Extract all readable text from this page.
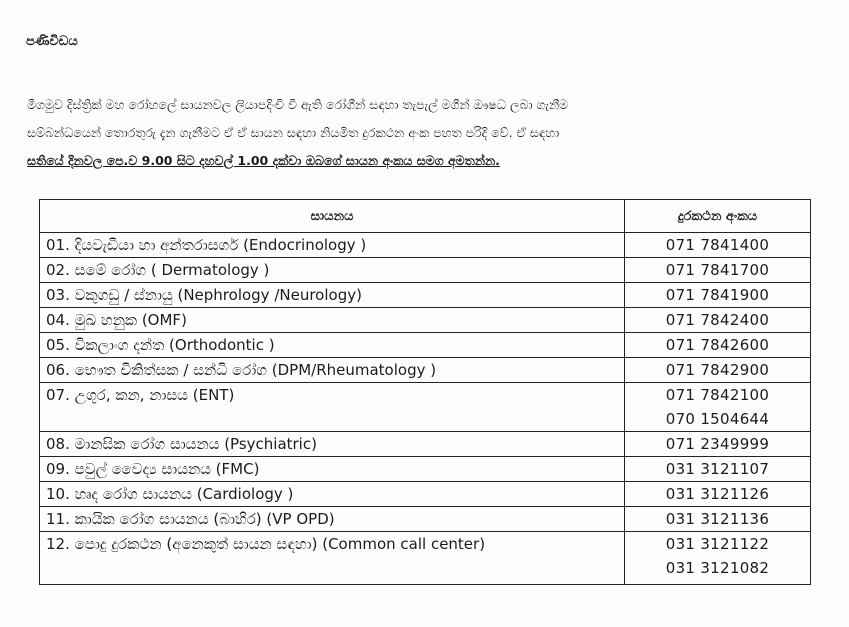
පණිවිඩය
මීගමුව දිස්ත්‍රික් මහ රෝහලේ සායනවල ලියාපදිංචි වී ඇති රෝගීන් සඳහා තැපැල් මගින් ඖෂධ ලබා ගැනීම
සම්බන්ධයෙන් තොරතුරු දැන ගැනීමට ඒ ඒ සායන සඳහා නියමිත දුරකථන අංක පහත පරිදි වේ. ඒ සඳහා
සතියේ දිනවල පෙ.ව 9.00 සිට දහවල් 1.00 දක්වා ඔබගේ සායන අංකය සමග අමතන්න.
සායනය	දුරකථන අංකය
01. දියවැඩියා හා අන්තරාසර්ග (Endocrinology )	071 7841400

02. සමේ රෝග ( Dermatology )	071 7841700

03. වකුගඩු / ස්නායු (Nephrology /Neurology)	071 7841900

04. මුඛ හනුක (OMF)	071 7842400

05. විකලාංග දන්ත (Orthodontic )	071 7842600

06. භෞත චිකිත්සක / සන්ධි රෝග (DPM/Rheumatology )	071 7842900

07. උගුර, කන, නාසය (ENT)	071 7842100
070 1504644

08. මානසික රෝග සායනය (Psychiatric)	071 2349999

09. පවුල් වෛද්‍ය සායනය (FMC)	031 3121107

10. හෘද රෝග සායනය (Cardiology )	031 3121126

11. කායික රෝග සායනය (බාහිර) (VP OPD)	031 3121136

12. පොදු දුරකථන (අනෙකුත් සායන සඳහා) (Common call center)	031 3121122
031 3121082
